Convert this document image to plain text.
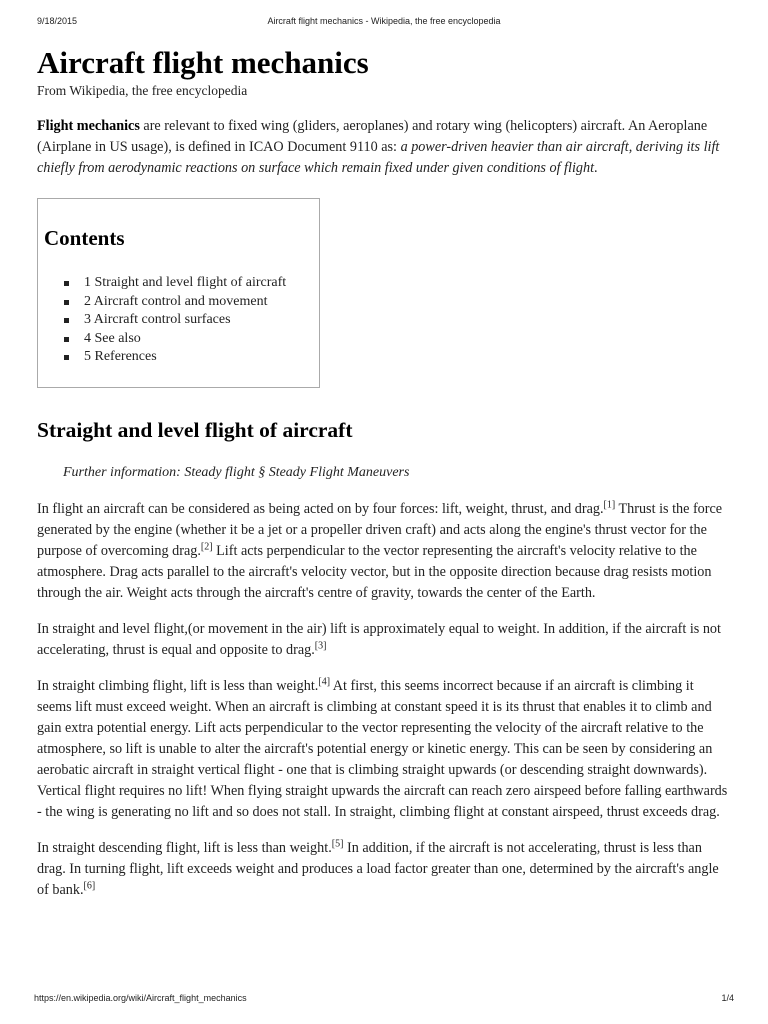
9/18/2015	Aircraft flight mechanics - Wikipedia, the free encyclopedia
Aircraft flight mechanics
From Wikipedia, the free encyclopedia

Flight mechanics are relevant to fixed wing (gliders, aeroplanes) and rotary wing (helicopters) aircraft. An Aeroplane (Airplane in US usage), is defined in ICAO Document 9110 as: a power-driven heavier than air aircraft, deriving its lift chiefly from aerodynamic reactions on surface which remain fixed under given conditions of flight.

Contents
1 Straight and level flight of aircraft
2 Aircraft control and movement
3 Aircraft control surfaces
4 See also
5 References
Straight and level flight of aircraft
Further information: Steady flight § Steady Flight Maneuvers

In flight an aircraft can be considered as being acted on by four forces: lift, weight, thrust, and drag.[1] Thrust is the force generated by the engine (whether it be a jet or a propeller driven craft) and acts along the engine's thrust vector for the purpose of overcoming drag.[2] Lift acts perpendicular to the vector representing the aircraft's velocity relative to the atmosphere. Drag acts parallel to the aircraft's velocity vector, but in the opposite direction because drag resists motion through the air. Weight acts through the aircraft's centre of gravity, towards the center of the Earth.

In straight and level flight,(or movement in the air) lift is approximately equal to weight. In addition, if the aircraft is not accelerating, thrust is equal and opposite to drag.[3]

In straight climbing flight, lift is less than weight.[4] At first, this seems incorrect because if an aircraft is climbing it seems lift must exceed weight. When an aircraft is climbing at constant speed it is its thrust that enables it to climb and gain extra potential energy. Lift acts perpendicular to the vector representing the velocity of the aircraft relative to the atmosphere, so lift is unable to alter the aircraft's potential energy or kinetic energy. This can be seen by considering an aerobatic aircraft in straight vertical flight - one that is climbing straight upwards (or descending straight downwards). Vertical flight requires no lift! When flying straight upwards the aircraft can reach zero airspeed before falling earthwards - the wing is generating no lift and so does not stall. In straight, climbing flight at constant airspeed, thrust exceeds drag.

In straight descending flight, lift is less than weight.[5] In addition, if the aircraft is not accelerating, thrust is less than drag. In turning flight, lift exceeds weight and produces a load factor greater than one, determined by the aircraft's angle of bank.[6]

https://en.wikipedia.org/wiki/Aircraft_flight_mechanics	1/4
